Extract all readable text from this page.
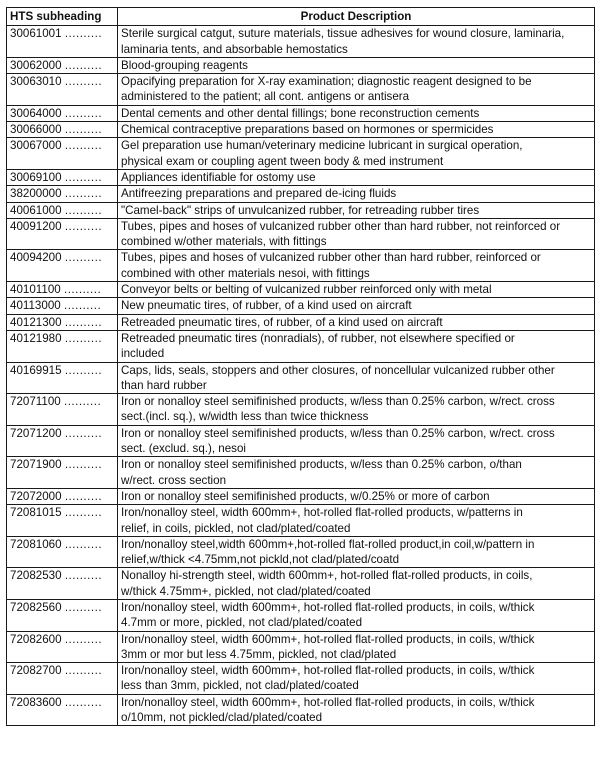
HTS subheading	Product Description
30061001 ..........	Sterile surgical catgut, suture materials, tissue adhesives for wound closure, laminaria,
laminaria tents, and absorbable hemostatics

30062000 ..........	Blood-grouping reagents

30063010 ..........	Opacifying preparation for X-ray examination; diagnostic reagent designed to be
administered to the patient; all cont. antigens or antisera

30064000 ..........	Dental cements and other dental fillings; bone reconstruction cements

30066000 ..........	Chemical contraceptive preparations based on hormones or spermicides

30067000 ..........	Gel preparation use human/veterinary medicine lubricant in surgical operation,
physical exam or coupling agent tween body & med instrument

30069100 ..........	Appliances identifiable for ostomy use

38200000 ..........	Antifreezing preparations and prepared de-icing fluids

40061000 ..........	"Camel-back" strips of unvulcanized rubber, for retreading rubber tires

40091200 ..........	Tubes, pipes and hoses of vulcanized rubber other than hard rubber, not reinforced or
combined w/other materials, with fittings

40094200 ..........	Tubes, pipes and hoses of vulcanized rubber other than hard rubber, reinforced or
combined with other materials nesoi, with fittings

40101100 ..........	Conveyor belts or belting of vulcanized rubber reinforced only with metal

40113000 ..........	New pneumatic tires, of rubber, of a kind used on aircraft

40121300 ..........	Retreaded pneumatic tires, of rubber, of a kind used on aircraft

40121980 ..........	Retreaded pneumatic tires (nonradials), of rubber, not elsewhere specified or
included

40169915 ..........	Caps, lids, seals, stoppers and other closures, of noncellular vulcanized rubber other
than hard rubber

72071100 ..........	Iron or nonalloy steel semifinished products, w/less than 0.25% carbon, w/rect. cross
sect.(incl. sq.), w/width less than twice thickness

72071200 ..........	Iron or nonalloy steel semifinished products, w/less than 0.25% carbon, w/rect. cross
sect. (exclud. sq.), nesoi

72071900 ..........	Iron or nonalloy steel semifinished products, w/less than 0.25% carbon, o/than
w/rect. cross section

72072000 ..........	Iron or nonalloy steel semifinished products, w/0.25% or more of carbon

72081015 ..........	Iron/nonalloy steel, width 600mm+, hot-rolled flat-rolled products, w/patterns in
relief, in coils, pickled, not clad/plated/coated

72081060 ..........	Iron/nonalloy steel,width 600mm+,hot-rolled flat-rolled product,in coil,w/pattern in
relief,w/thick <4.75mm,not pickld,not clad/plated/coatd

72082530 ..........	Nonalloy hi-strength steel, width 600mm+, hot-rolled flat-rolled products, in coils,
w/thick 4.75mm+, pickled, not clad/plated/coated

72082560 ..........	Iron/nonalloy steel, width 600mm+, hot-rolled flat-rolled products, in coils, w/thick
4.7mm or more, pickled, not clad/plated/coated

72082600 ..........	Iron/nonalloy steel, width 600mm+, hot-rolled flat-rolled products, in coils, w/thick
3mm or mor but less 4.75mm, pickled, not clad/plated

72082700 ..........	Iron/nonalloy steel, width 600mm+, hot-rolled flat-rolled products, in coils, w/thick
less than 3mm, pickled, not clad/plated/coated

72083600 ..........	Iron/nonalloy steel, width 600mm+, hot-rolled flat-rolled products, in coils, w/thick
o/10mm, not pickled/clad/plated/coated
